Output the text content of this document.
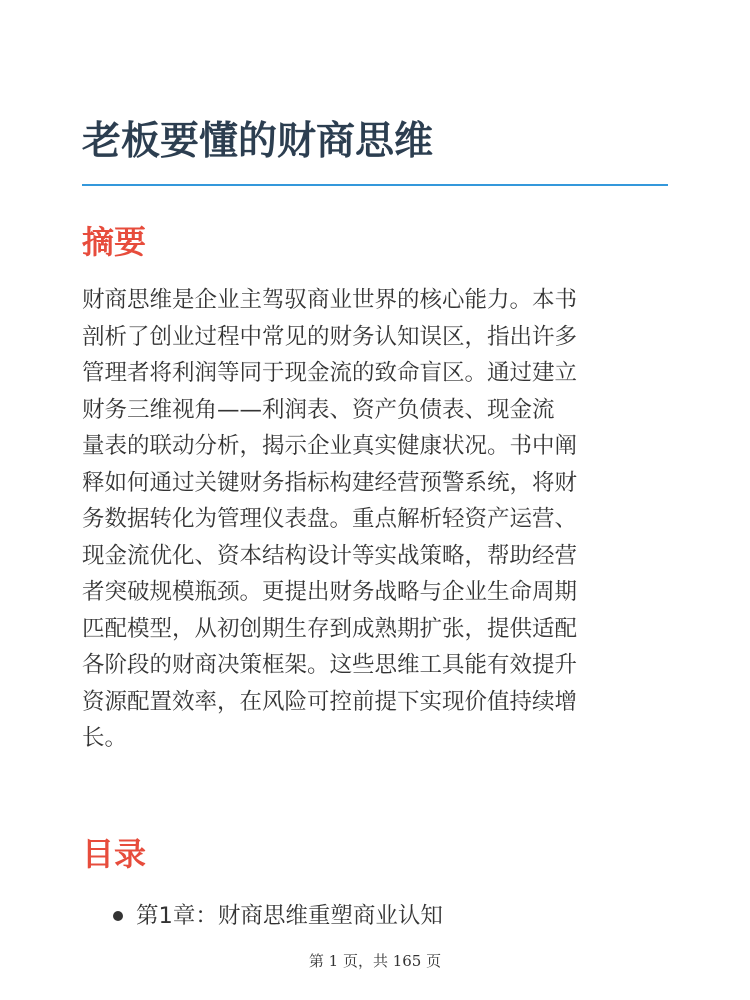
老板要懂的财商思维
摘要

财商思维是企业主驾驭商业世界的核心能力。本书
剖析了创业过程中常见的财务认知误区，指出许多
管理者将利润等同于现金流的致命盲区。通过建立
财务三维视角——利润表、资产负债表、现金流
量表的联动分析，揭示企业真实健康状况。书中阐
释如何通过关键财务指标构建经营预警系统，将财
务数据转化为管理仪表盘。重点解析轻资产运营、
现金流优化、资本结构设计等实战策略，帮助经营
者突破规模瓶颈。更提出财务战略与企业生命周期
匹配模型，从初创期生存到成熟期扩张，提供适配
各阶段的财商决策框架。这些思维工具能有效提升
资源配置效率，在风险可控前提下实现价值持续增
长。

目录
第1章：财商思维重塑商业认知
第 1 页，共 165 页
